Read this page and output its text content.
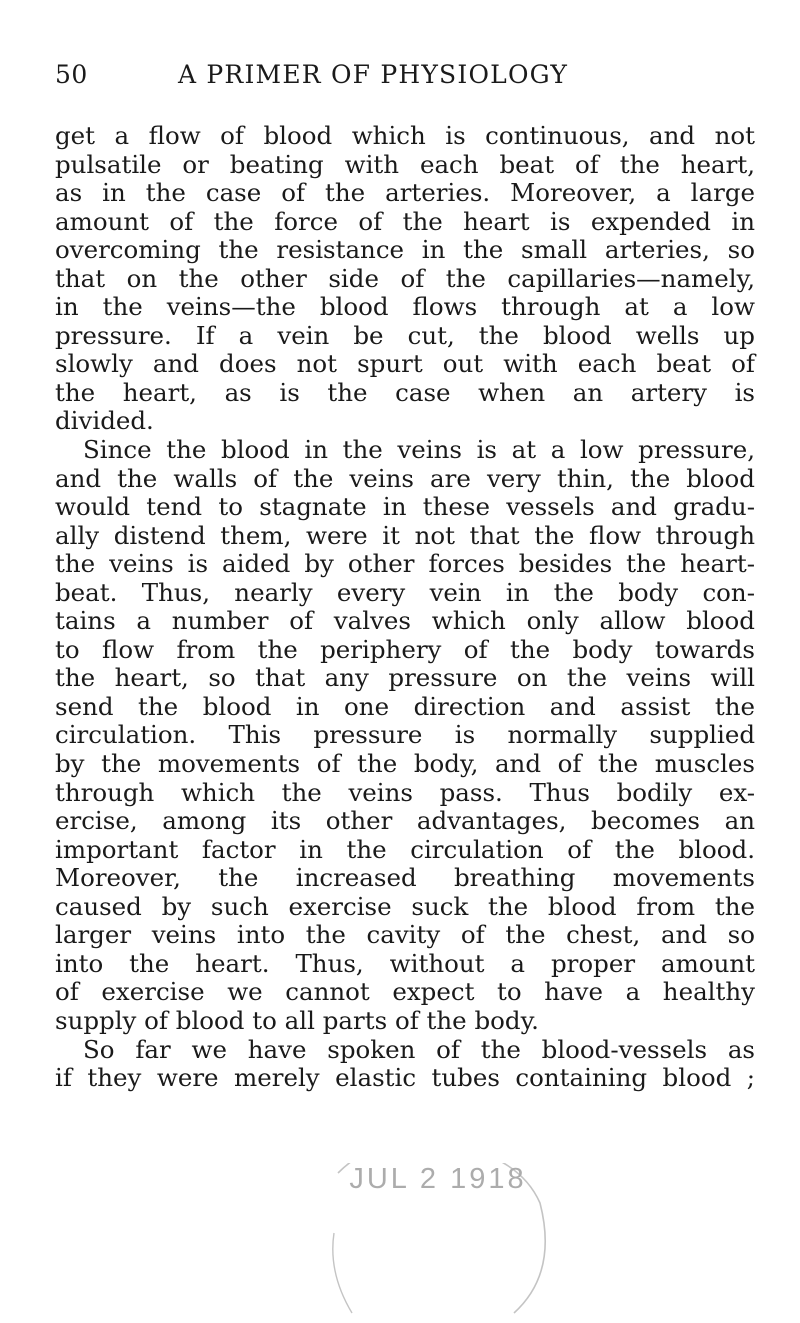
50	A PRIMER OF PHYSIOLOGY
get a flow of blood which is continuous, and not
pulsatile or beating with each beat of the heart,
as in the case of the arteries. Moreover, a large
amount of the force of the heart is expended in
overcoming the resistance in the small arteries, so
that on the other side of the capillaries—namely,
in the veins—the blood flows through at a low
pressure. If a vein be cut, the blood wells up
slowly and does not spurt out with each beat of
the heart, as is the case when an artery is
divided.
Since the blood in the veins is at a low pressure,
and the walls of the veins are very thin, the blood
would tend to stagnate in these vessels and gradu-
ally distend them, were it not that the flow through
the veins is aided by other forces besides the heart-
beat. Thus, nearly every vein in the body con-
tains a number of valves which only allow blood
to flow from the periphery of the body towards
the heart, so that any pressure on the veins will
send the blood in one direction and assist the
circulation. This pressure is normally supplied
by the movements of the body, and of the muscles
through which the veins pass. Thus bodily ex-
ercise, among its other advantages, becomes an
important factor in the circulation of the blood.
Moreover, the increased breathing movements
caused by such exercise suck the blood from the
larger veins into the cavity of the chest, and so
into the heart. Thus, without a proper amount
of exercise we cannot expect to have a healthy
supply of blood to all parts of the body.
So far we have spoken of the blood-vessels as
if they were merely elastic tubes containing blood ;
JUL 2 1918
